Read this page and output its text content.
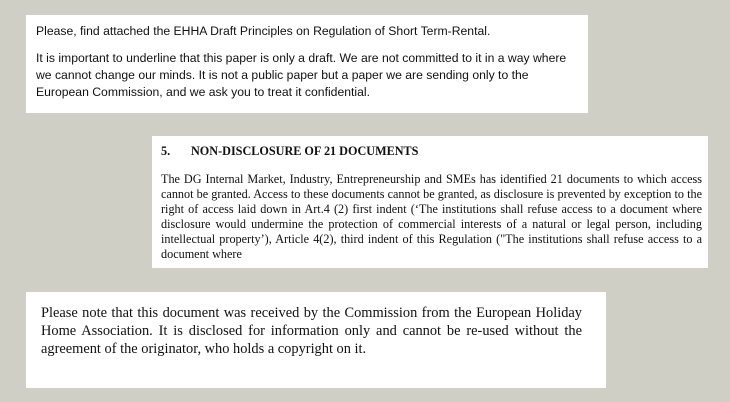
Please, find attached the EHHA Draft Principles on Regulation of Short Term-Rental.

It is important to underline that this paper is only a draft. We are not committed to it in a way where we cannot change our minds. It is not a public paper but a paper we are sending only to the European Commission, and we ask you to treat it confidential.

5. NON-DISCLOSURE OF 21 DOCUMENTS

The DG Internal Market, Industry, Entrepreneurship and SMEs has identified 21 documents to which access cannot be granted. Access to these documents cannot be granted, as disclosure is prevented by exception to the right of access laid down in Art.4 (2) first indent (‘The institutions shall refuse access to a document where disclosure would undermine the protection of commercial interests of a natural or legal person, including intellectual property’), Article 4(2), third indent of this Regulation ("The institutions shall refuse access to a document where

Please note that this document was received by the Commission from the European Holiday Home Association. It is disclosed for information only and cannot be re-used without the agreement of the originator, who holds a copyright on it.
